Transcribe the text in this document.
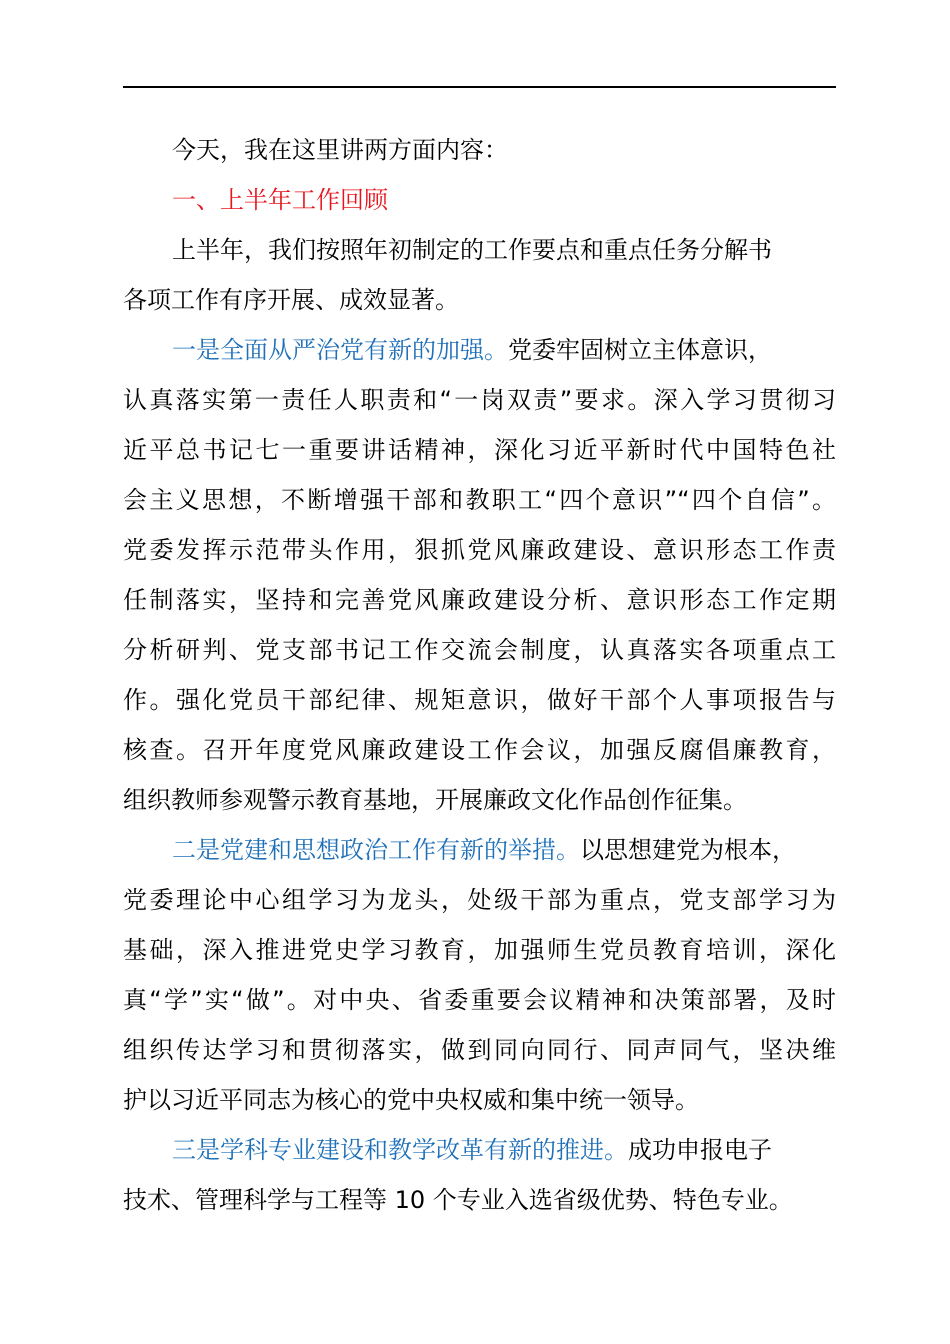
今天，我在这里讲两方面内容：

一、上半年工作回顾

上半年，我们按照年初制定的工作要点和重点任务分解书

各项工作有序开展、成效显著。

一是全面从严治党有新的加强。党委牢固树立主体意识，

认真落实第一责任人职责和“一岗双责”要求。深入学习贯彻习

近平总书记七一重要讲话精神，深化习近平新时代中国特色社

会主义思想，不断增强干部和教职工“四个意识”“四个自信”。

党委发挥示范带头作用，狠抓党风廉政建设、意识形态工作责

任制落实，坚持和完善党风廉政建设分析、意识形态工作定期

分析研判、党支部书记工作交流会制度，认真落实各项重点工

作。强化党员干部纪律、规矩意识，做好干部个人事项报告与

核查。召开年度党风廉政建设工作会议，加强反腐倡廉教育，

组织教师参观警示教育基地，开展廉政文化作品创作征集。

二是党建和思想政治工作有新的举措。以思想建党为根本，

党委理论中心组学习为龙头，处级干部为重点，党支部学习为

基础，深入推进党史学习教育，加强师生党员教育培训，深化

真“学”实“做”。对中央、省委重要会议精神和决策部署，及时

组织传达学习和贯彻落实，做到同向同行、同声同气，坚决维

护以习近平同志为核心的党中央权威和集中统一领导。

三是学科专业建设和教学改革有新的推进。成功申报电子

技术、管理科学与工程等 10 个专业入选省级优势、特色专业。
